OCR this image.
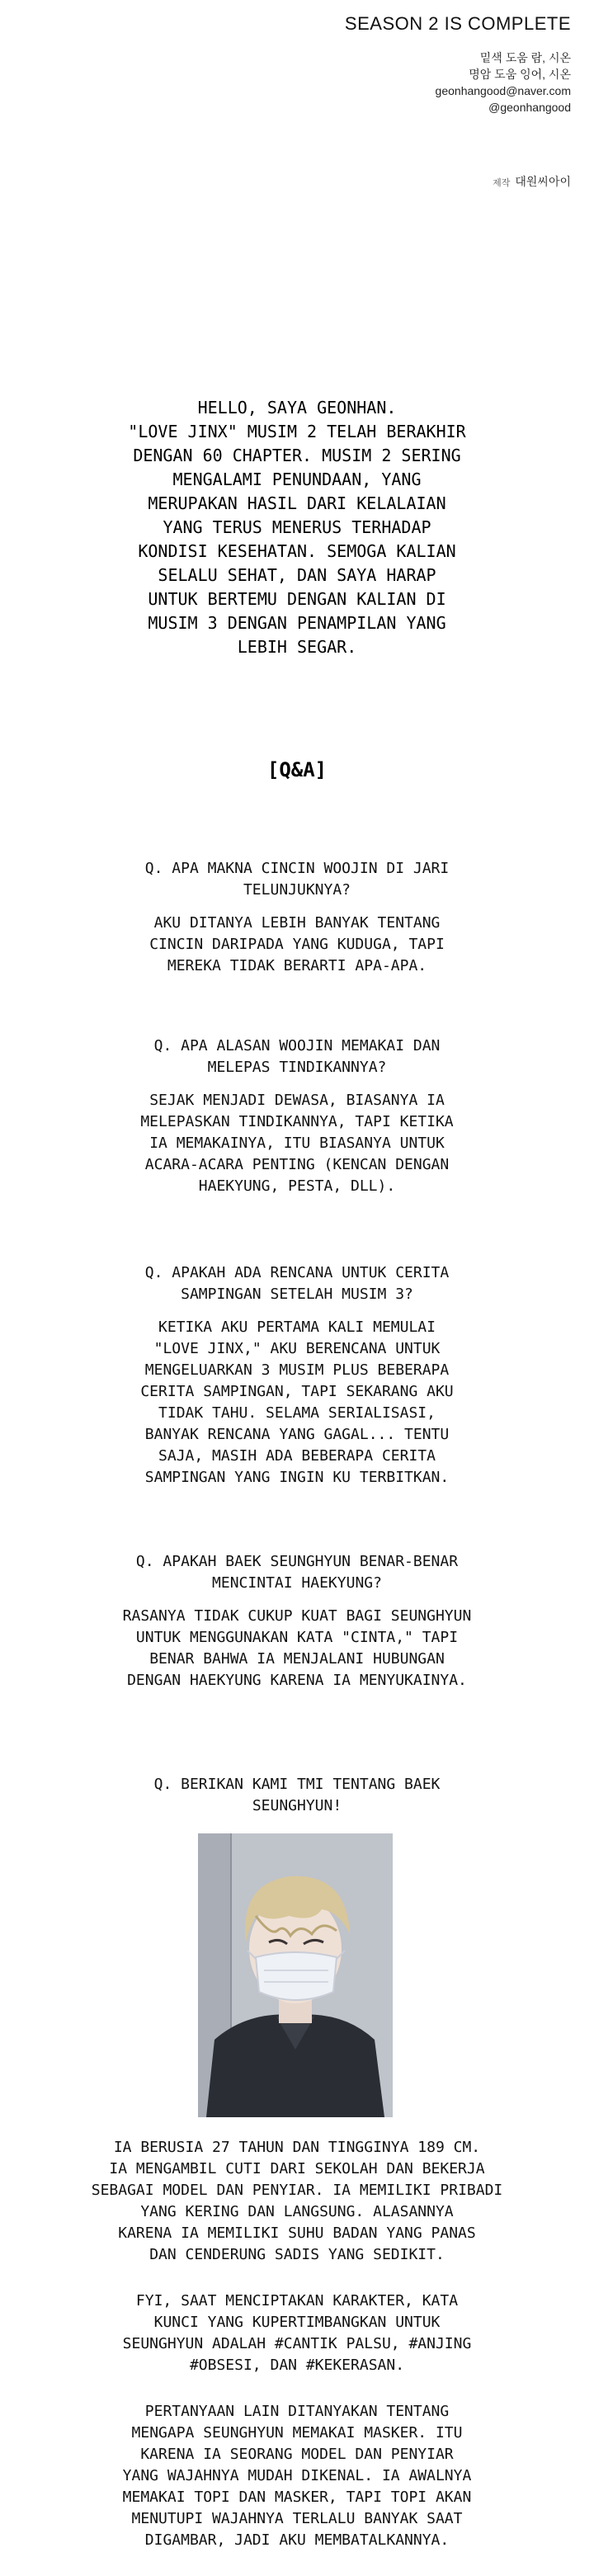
SEASON 2 IS COMPLETE
밑색 도움 람, 시온
명암 도움 잉어, 시온
geonhangood@naver.com
@geonhangood
제작 대원씨아이
HELLO, SAYA GEONHAN.
"LOVE JINX" MUSIM 2 TELAH BERAKHIR
DENGAN 60 CHAPTER. MUSIM 2 SERING
MENGALAMI PENUNDAAN, YANG
MERUPAKAN HASIL DARI KELALAIAN
YANG TERUS MENERUS TERHADAP
KONDISI KESEHATAN. SEMOGA KALIAN
SELALU SEHAT, DAN SAYA HARAP
UNTUK BERTEMU DENGAN KALIAN DI
MUSIM 3 DENGAN PENAMPILAN YANG
LEBIH SEGAR.
[Q&A]

Q. APA MAKNA CINCIN WOOJIN DI JARI
TELUNJUKNYA?

AKU DITANYA LEBIH BANYAK TENTANG
CINCIN DARIPADA YANG KUDUGA, TAPI
MEREKA TIDAK BERARTI APA-APA.

Q. APA ALASAN WOOJIN MEMAKAI DAN
MELEPAS TINDIKANNYA?

SEJAK MENJADI DEWASA, BIASANYA IA
MELEPASKAN TINDIKANNYA, TAPI KETIKA
IA MEMAKAINYA, ITU BIASANYA UNTUK
ACARA-ACARA PENTING (KENCAN DENGAN
HAEKYUNG, PESTA, DLL).

Q. APAKAH ADA RENCANA UNTUK CERITA
SAMPINGAN SETELAH MUSIM 3?

KETIKA AKU PERTAMA KALI MEMULAI
"LOVE JINX," AKU BERENCANA UNTUK
MENGELUARKAN 3 MUSIM PLUS BEBERAPA
CERITA SAMPINGAN, TAPI SEKARANG AKU
TIDAK TAHU. SELAMA SERIALISASI,
BANYAK RENCANA YANG GAGAL... TENTU
SAJA, MASIH ADA BEBERAPA CERITA
SAMPINGAN YANG INGIN KU TERBITKAN.

Q. APAKAH BAEK SEUNGHYUN BENAR-BENAR
MENCINTAI HAEKYUNG?

RASANYA TIDAK CUKUP KUAT BAGI SEUNGHYUN
UNTUK MENGGUNAKAN KATA "CINTA," TAPI
BENAR BAHWA IA MENJALANI HUBUNGAN
DENGAN HAEKYUNG KARENA IA MENYUKAINYA.

Q. BERIKAN KAMI TMI TENTANG BAEK
SEUNGHYUN!

IA BERUSIA 27 TAHUN DAN TINGGINYA 189 CM.
IA MENGAMBIL CUTI DARI SEKOLAH DAN BEKERJA
SEBAGAI MODEL DAN PENYIAR. IA MEMILIKI PRIBADI
YANG KERING DAN LANGSUNG. ALASANNYA
KARENA IA MEMILIKI SUHU BADAN YANG PANAS
DAN CENDERUNG SADIS YANG SEDIKIT.

FYI, SAAT MENCIPTAKAN KARAKTER, KATA
KUNCI YANG KUPERTIMBANGKAN UNTUK
SEUNGHYUN ADALAH #CANTIK PALSU, #ANJING
#OBSESI, DAN #KEKERASAN.

PERTANYAAN LAIN DITANYAKAN TENTANG
MENGAPA SEUNGHYUN MEMAKAI MASKER. ITU
KARENA IA SEORANG MODEL DAN PENYIAR
YANG WAJAHNYA MUDAH DIKENAL. IA AWALNYA
MEMAKAI TOPI DAN MASKER, TAPI TOPI AKAN
MENUTUPI WAJAHNYA TERLALU BANYAK SAAT
DIGAMBAR, JADI AKU MEMBATALKANNYA.
